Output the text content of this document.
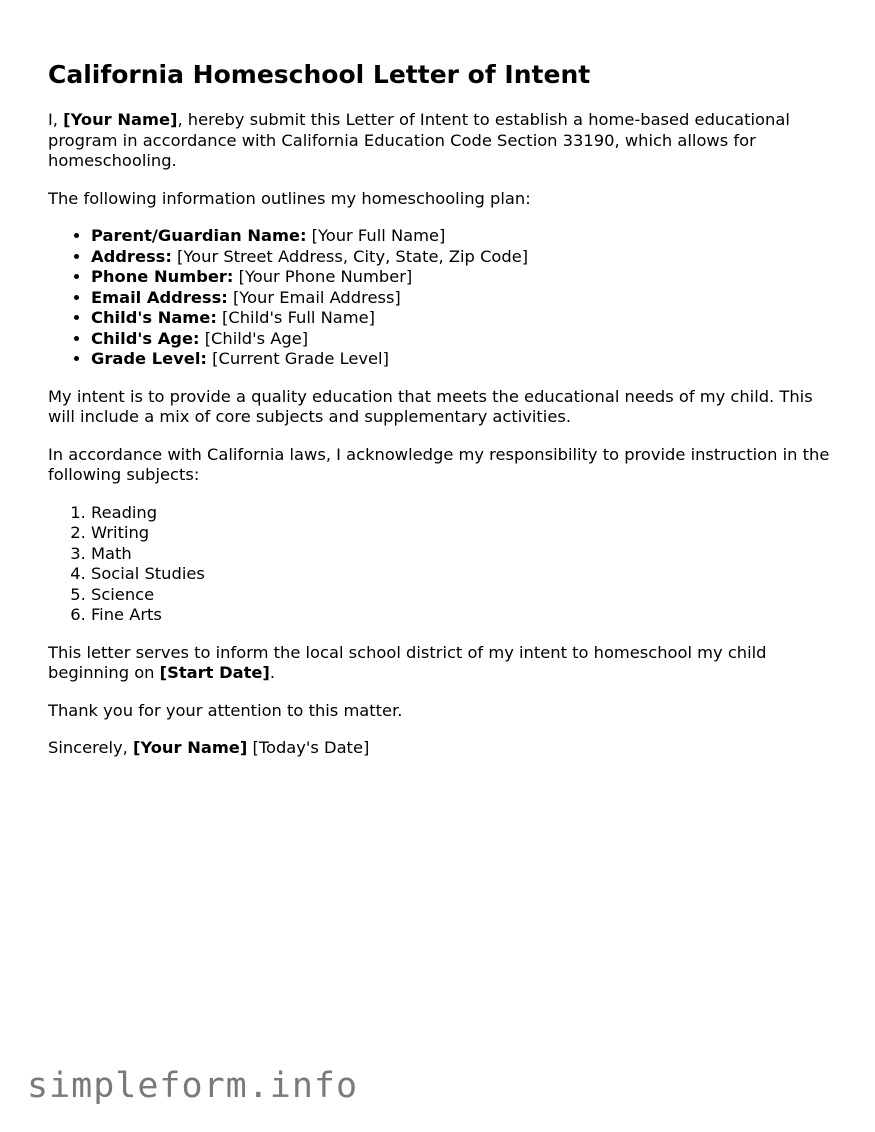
California Homeschool Letter of Intent

I, [Your Name], hereby submit this Letter of Intent to establish a home-based educational program in accordance with California Education Code Section 33190, which allows for homeschooling.

The following information outlines my homeschooling plan:

• Parent/Guardian Name: [Your Full Name]
• Address: [Your Street Address, City, State, Zip Code]
• Phone Number: [Your Phone Number]
• Email Address: [Your Email Address]
• Child's Name: [Child's Full Name]
• Child's Age: [Child's Age]
• Grade Level: [Current Grade Level]

My intent is to provide a quality education that meets the educational needs of my child. This will include a mix of core subjects and supplementary activities.

In accordance with California laws, I acknowledge my responsibility to provide instruction in the following subjects:

1. Reading
2. Writing
3. Math
4. Social Studies
5. Science
6. Fine Arts

This letter serves to inform the local school district of my intent to homeschool my child beginning on [Start Date].

Thank you for your attention to this matter.

Sincerely, [Your Name] [Today's Date]

simpleform.info
